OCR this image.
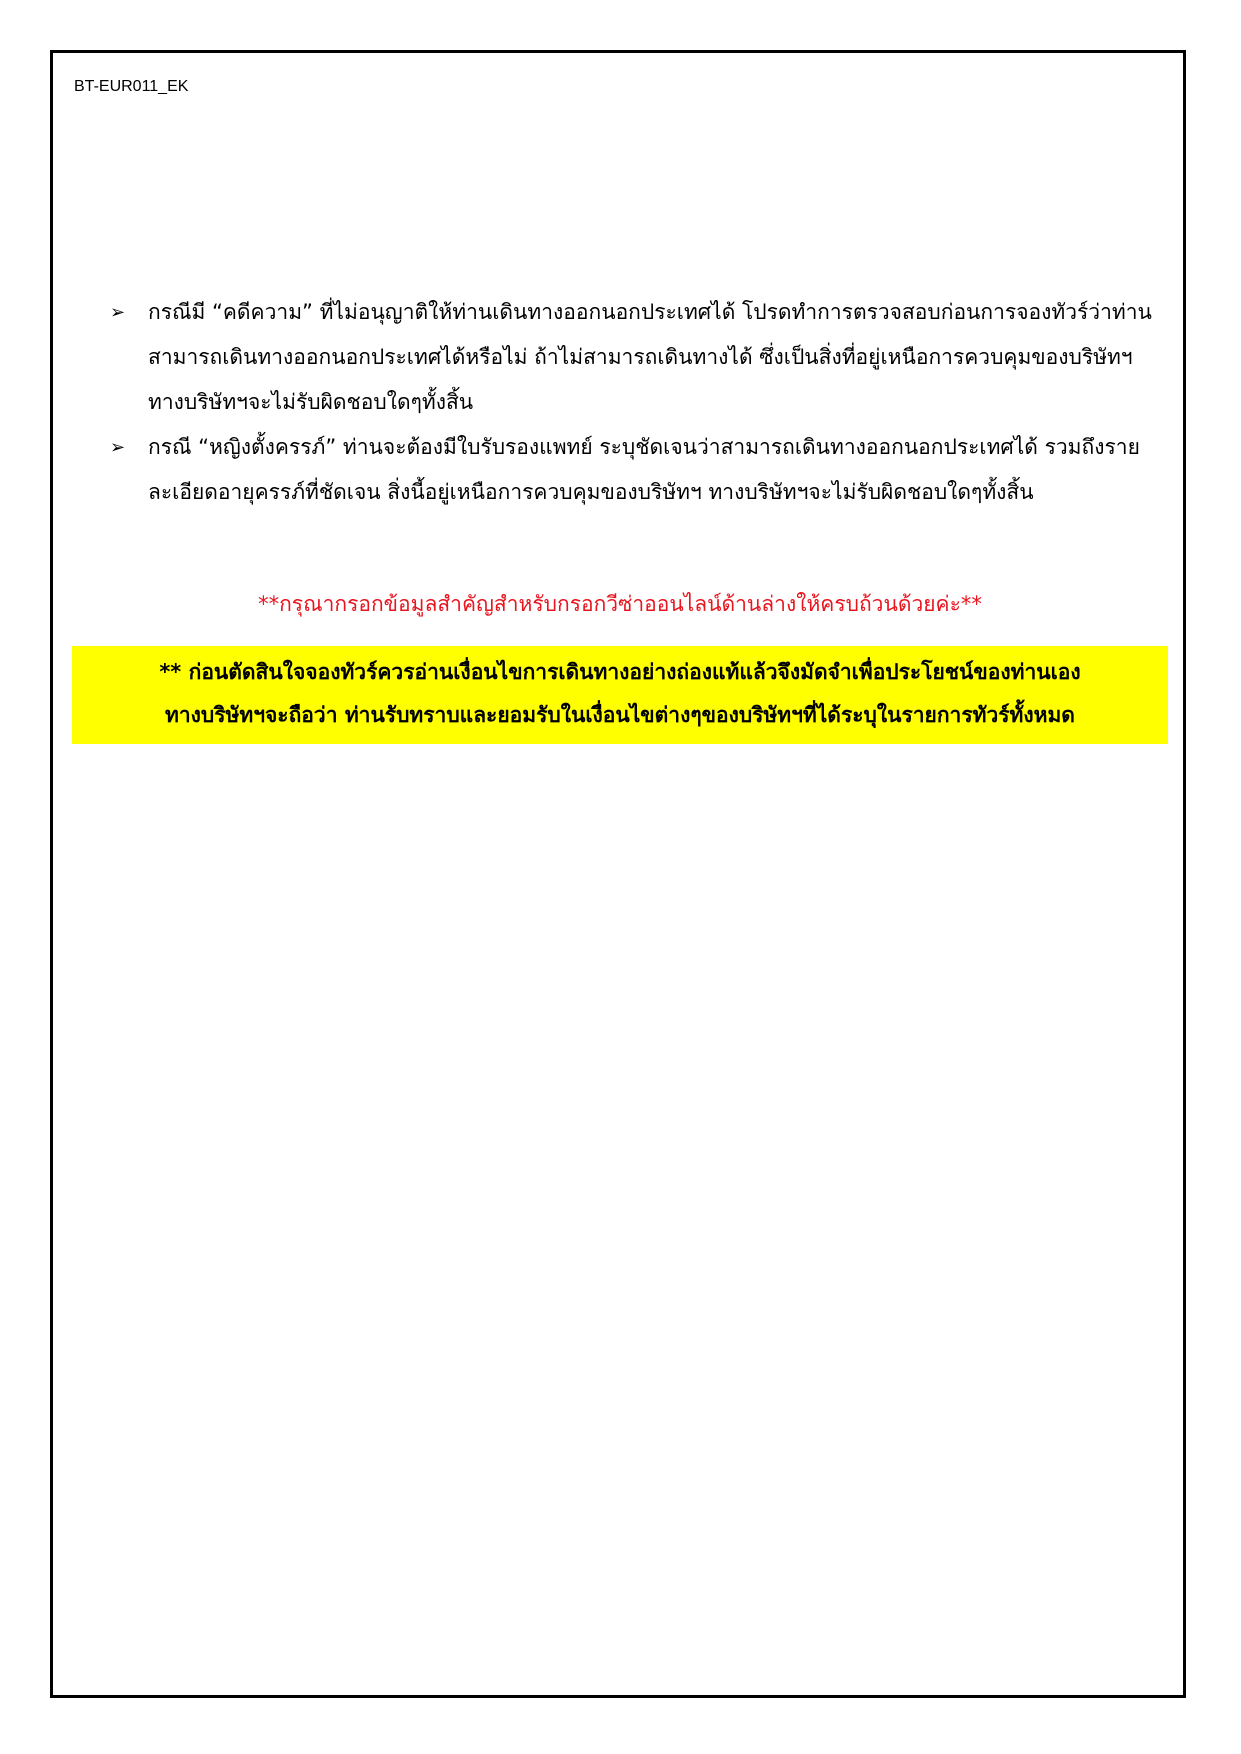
BT-EUR011_EK
➢ กรณีมี “คดีความ” ที่ไม่อนุญาติให้ท่านเดินทางออกนอกประเทศได้ โปรดทำการตรวจสอบก่อนการจองทัวร์ว่าท่านสามารถเดินทางออกนอกประเทศได้หรือไม่ ถ้าไม่สามารถเดินทางได้ ซึ่งเป็นสิ่งที่อยู่เหนือการควบคุมของบริษัทฯ ทางบริษัทฯจะไม่รับผิดชอบใดๆทั้งสิ้น
➢ กรณี “หญิงตั้งครรภ์” ท่านจะต้องมีใบรับรองแพทย์ ระบุชัดเจนว่าสามารถเดินทางออกนอกประเทศได้ รวมถึงรายละเอียดอายุครรภ์ที่ชัดเจน สิ่งนี้อยู่เหนือการควบคุมของบริษัทฯ ทางบริษัทฯจะไม่รับผิดชอบใดๆทั้งสิ้น
**กรุณากรอกข้อมูลสำคัญสำหรับกรอกวีซ่าออนไลน์ด้านล่างให้ครบถ้วนด้วยค่ะ**
** ก่อนตัดสินใจจองทัวร์ควรอ่านเงื่อนไขการเดินทางอย่างถ่องแท้แล้วจึงมัดจำเพื่อประโยชน์ของท่านเอง
ทางบริษัทฯจะถือว่า ท่านรับทราบและยอมรับในเงื่อนไขต่างๆของบริษัทฯที่ได้ระบุในรายการทัวร์ทั้งหมด
